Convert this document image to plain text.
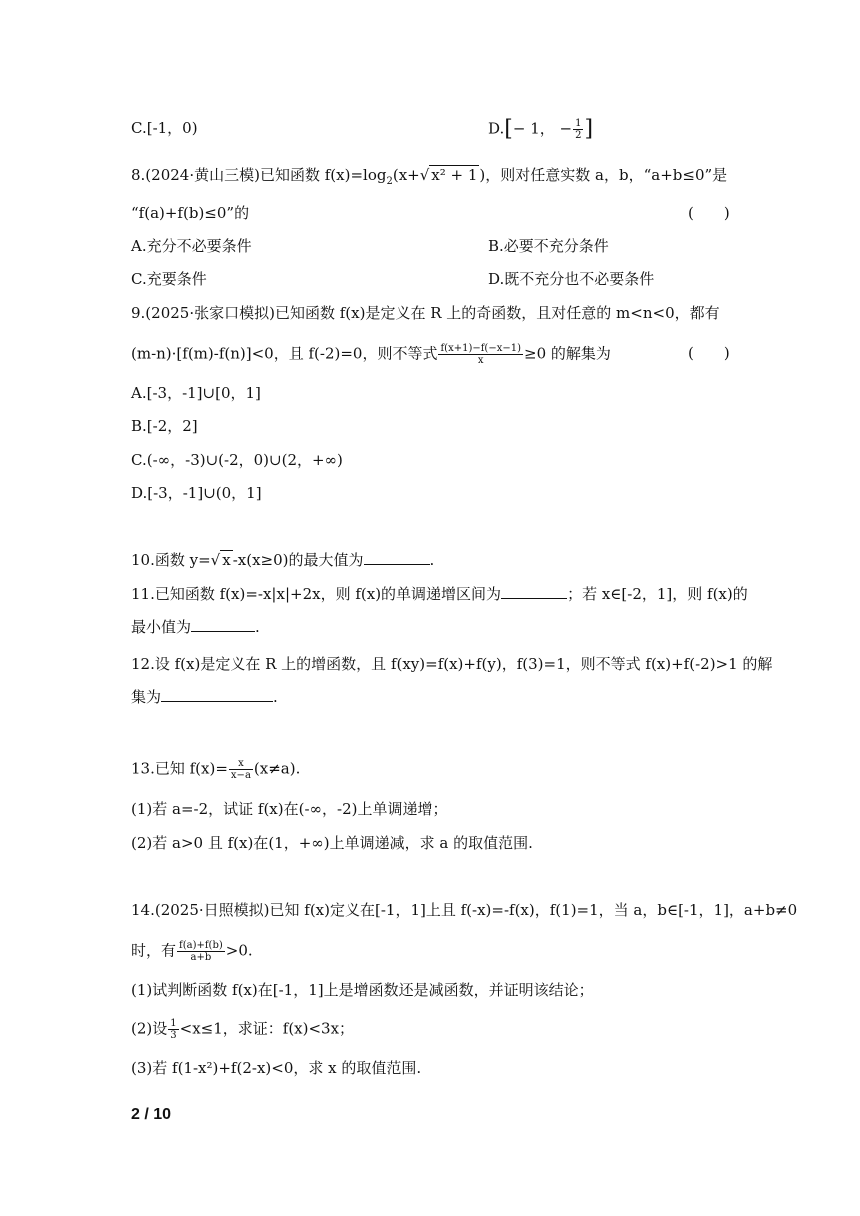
C.[-1，0)	D.[− 1， − $\frac{1}{2}$ ]
8.(2024·黄山三模)已知函数 $f(x)=\log_2(x+√$ x² + 1 )，则对任意实数 a，b，“a+b≤0”是
“f(a)+f(b)≤0”的	(　　)
A.充分不必要条件	B.必要不充分条件
C.充要条件	D.既不充分也不必要条件
9.(2025·张家口模拟)已知函数 f(x)是定义在 R 上的奇函数，且对任意的 m<n<0，都有
(m-n)·[f(m)-f(n)]<0，且 f(-2)=0，则不等式 $\frac{f(x+1)-f(-x-1)}{x} \ge 0$ 的解集为	(　　)
A.[-3，-1]∪[0，1]
B.[-2，2]
C.(-∞，-3)∪(-2，0)∪(2，+∞)
D.[-3，-1]∪(0，1]
10.函数 y=√ x -x(x≥0)的最大值为	.
11.已知函数 f(x)=-x|x|+2x，则 f(x)的单调递增区间为	；若 x∈[-2，1]，则 f(x)的
最小值为	.
12.设 f(x)是定义在 R 上的增函数，且 f(xy)=f(x)+f(y)，f(3)=1，则不等式 f(x)+f(-2)>1 的解
集为	.
13.已知 $f(x)= \frac{x}{x-a} (x\ne a)$.
(1)若 a=-2，试证 f(x)在(-∞，-2)上单调递增；
(2)若 a>0 且 f(x)在(1，+∞)上单调递减，求 a 的取值范围.
14.(2025·日照模拟)已知 f(x)定义在[-1，1]上且 f(-x)=-f(x)，f(1)=1，当 a，b∈[-1，1]，a+b≠0
时，有 $\frac{f(a)+f(b)}{a+b} >0$.
(1)试判断函数 f(x)在[-1，1]上是增函数还是减函数，并证明该结论；
(2)设 $\frac{1}{3} <x\le 1$，求证：f(x)<3x；
(3)若 f(1-x²)+f(2-x)<0，求 x 的取值范围.
2 / 10
